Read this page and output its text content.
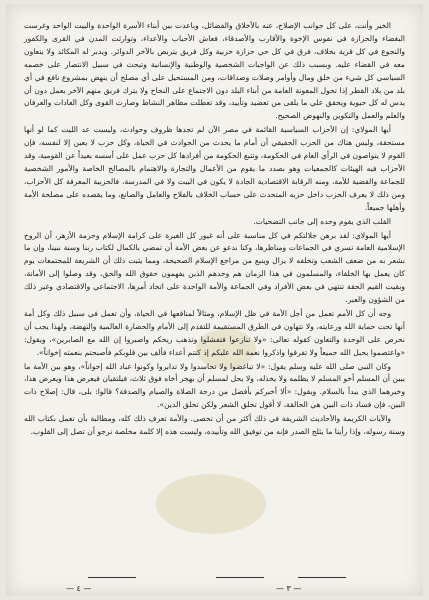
الخير وأنت، على كل جوانب الإصلاح، عنه بالأخلاق والفضائل، وباعدت بين أبناء الأسرة الواحدة والبيت الواحد وغرست البغضاء والحزازة في نفوس الإخوة والأقارب والأصدقاء، فعاش الأحباب والأعداء، وتوارثت المدن في القرى والكفور والنجوع في كل قرية بخلاف، فرق في كل حي حزازة حزبية وكل فريق يتربص بالآخر الدوائر. ويدبر له المكائد ولا يتعاون معه في القضاء عليه. وبسبب ذلك عن الواجبات الشخصية والوطنية والإنسانية وتبحث في سبيل الانتصار على خصمه السياسي كل شيء من خلق ومال وأوامر وصلات وصداقات، ومن المستحيل على أي مصلح أن ينهض بمشروع نافع في أي بلد من بلاد القطر إذا تحول المعونة العامة من أبناء البلد دون الاجتماع على النجاح ولا يترك فريق منهم الآخر يعمل دون أن يدس له كل حيوية ويحقق علي ما يلقى من تعضيد وتأييد، وقد تعطلت مظاهر النشاط وصارت القوى وكل العادات والعرفان والعلم والعمل والتكوين والنهوض الصحيح.

أيها المولاي: إن الأحزاب السياسية القائمة في مصر الآن لم تجدها ظروف وحوادث، وليست عد الليت كما لو أنها مستحقة، وليس هناك من الحزب الحقيقي أن أمام ما يحدث من الحوادث في الحياة، وكل حزب لا يعين إلا لنفسه، فإن القوم لا يتواصون في الرأي العام في الحكومة، وتتبع الحكومة من أفرادها كل حزب عمل على أسسه بعيداً عن القومية، وقد الأحزاب فيه الهيئات كالجمعيات وهو بصدد ما يقوم من الأعمال والتجارة والاهتمام بالمصالح الخاصة والأمور الشخصية للجماعة والقضية للأمة، ومنه الرقابة الاقتصادية الجادة لا يكون في البيت ولا في المدرسة، فالحزبية المعرفة كل الأحزاب، ومن ذلك لا يعرف الحزب داخل حزبه المتحدث على حساب الخلاف بالفلاح والعامل والصانع، وما يقصده على مصلحة الأمة وأهلها جميعاً.

القلب الذي يقوم وحده إلى جانب التضحيات.

أيها المولاي: لقد برهن جلالتكم في كل مناسبة على أنه غيور كل الغيرة على كرامة الإسلام وحرمة الأزهر، أن الروح الإسلامية العامة تسري في الجماعات ومناظرها، وكنا ندعو عن بعض الأمة أن تمضي بالكمال لكتاب ربنا وسنة نبينا، وإن ما نشعر به من ضعف الشعب وتخلفه لا يزال وينبع من مراجع الإسلام الصحيحة، ومما يثبت ذلك أن الشريعة للمجتمعات يوم كان يعمل بها الخلفاء، والمسلمون في هذا الزمان هم وحدهم الذين يفهمون حقوق الله والحق، وقد وصلوا إلى الأمانة، وبقيت القيم الحقة تنتهي في بعض الأفراد وفي الجماعة والأمة الواحدة على اتحاد أمرها، الاجتماعي والاقتصادي وغير ذلك من الشؤون والعبر.

وجه أن كل الأمم تعمل من أجل الأمة في ظل الإسلام، ومثالاً لمنافعها في الحياة، وأن تعمل في سبيل ذلك وكل أمة أنها تحت حماية الله ورعايته، ولا تتهاون في الطرق المستقيمة للتقدم إلى الأمام والحضارة العالمية والنهضة، ولهذا يجب أن نحرص على الوحدة والتعاون كقوله تعالى: «ولا تنازعوا فتفشلوا وتذهب ريحكم واصبروا إن الله مع الصابرين»، ويقول: «واعتصموا بحبل الله جميعاً ولا تفرقوا واذكروا نعمة الله عليكم إذ كنتم أعداء فألف بين قلوبكم فأصبحتم بنعمته إخواناً».

وكان النبي صلى الله عليه وسلم يقول: «لا تباغضوا ولا تحاسدوا ولا تدابروا وكونوا عباد الله إخواناً»، وهو بين الأمة ما يبين أن المسلم أخو المسلم لا يظلمه ولا يخذله، ولا يحل لمسلم أن يهجر أخاه فوق ثلاث، فيلتقيان فيعرض هذا ويعرض هذا، وخيرهما الذي يبدأ بالسلام. ويقول: «ألا أخبركم بأفضل من درجة الصلاة والصيام والصدقة؟ قالوا: بلى، قال: إصلاح ذات البين، فإن فساد ذات البين هي الحالقة، لا أقول تحلق الشعر ولكن تحلق الدين».

والآيات الكريمة والأحاديث الشريفة في ذلك أكثر من أن تحصى. والأمة تعرف ذلك كله، ومطالبة بأن تعمل بكتاب الله وسنة رسوله، وإذا رأينا ما يثلج الصدر فإنه من توفيق الله وتأييده، وليست هذه إلا كلمة مخلصة نرجو أن تصل إلى القلوب.

— ٤ —	— ٣ —
